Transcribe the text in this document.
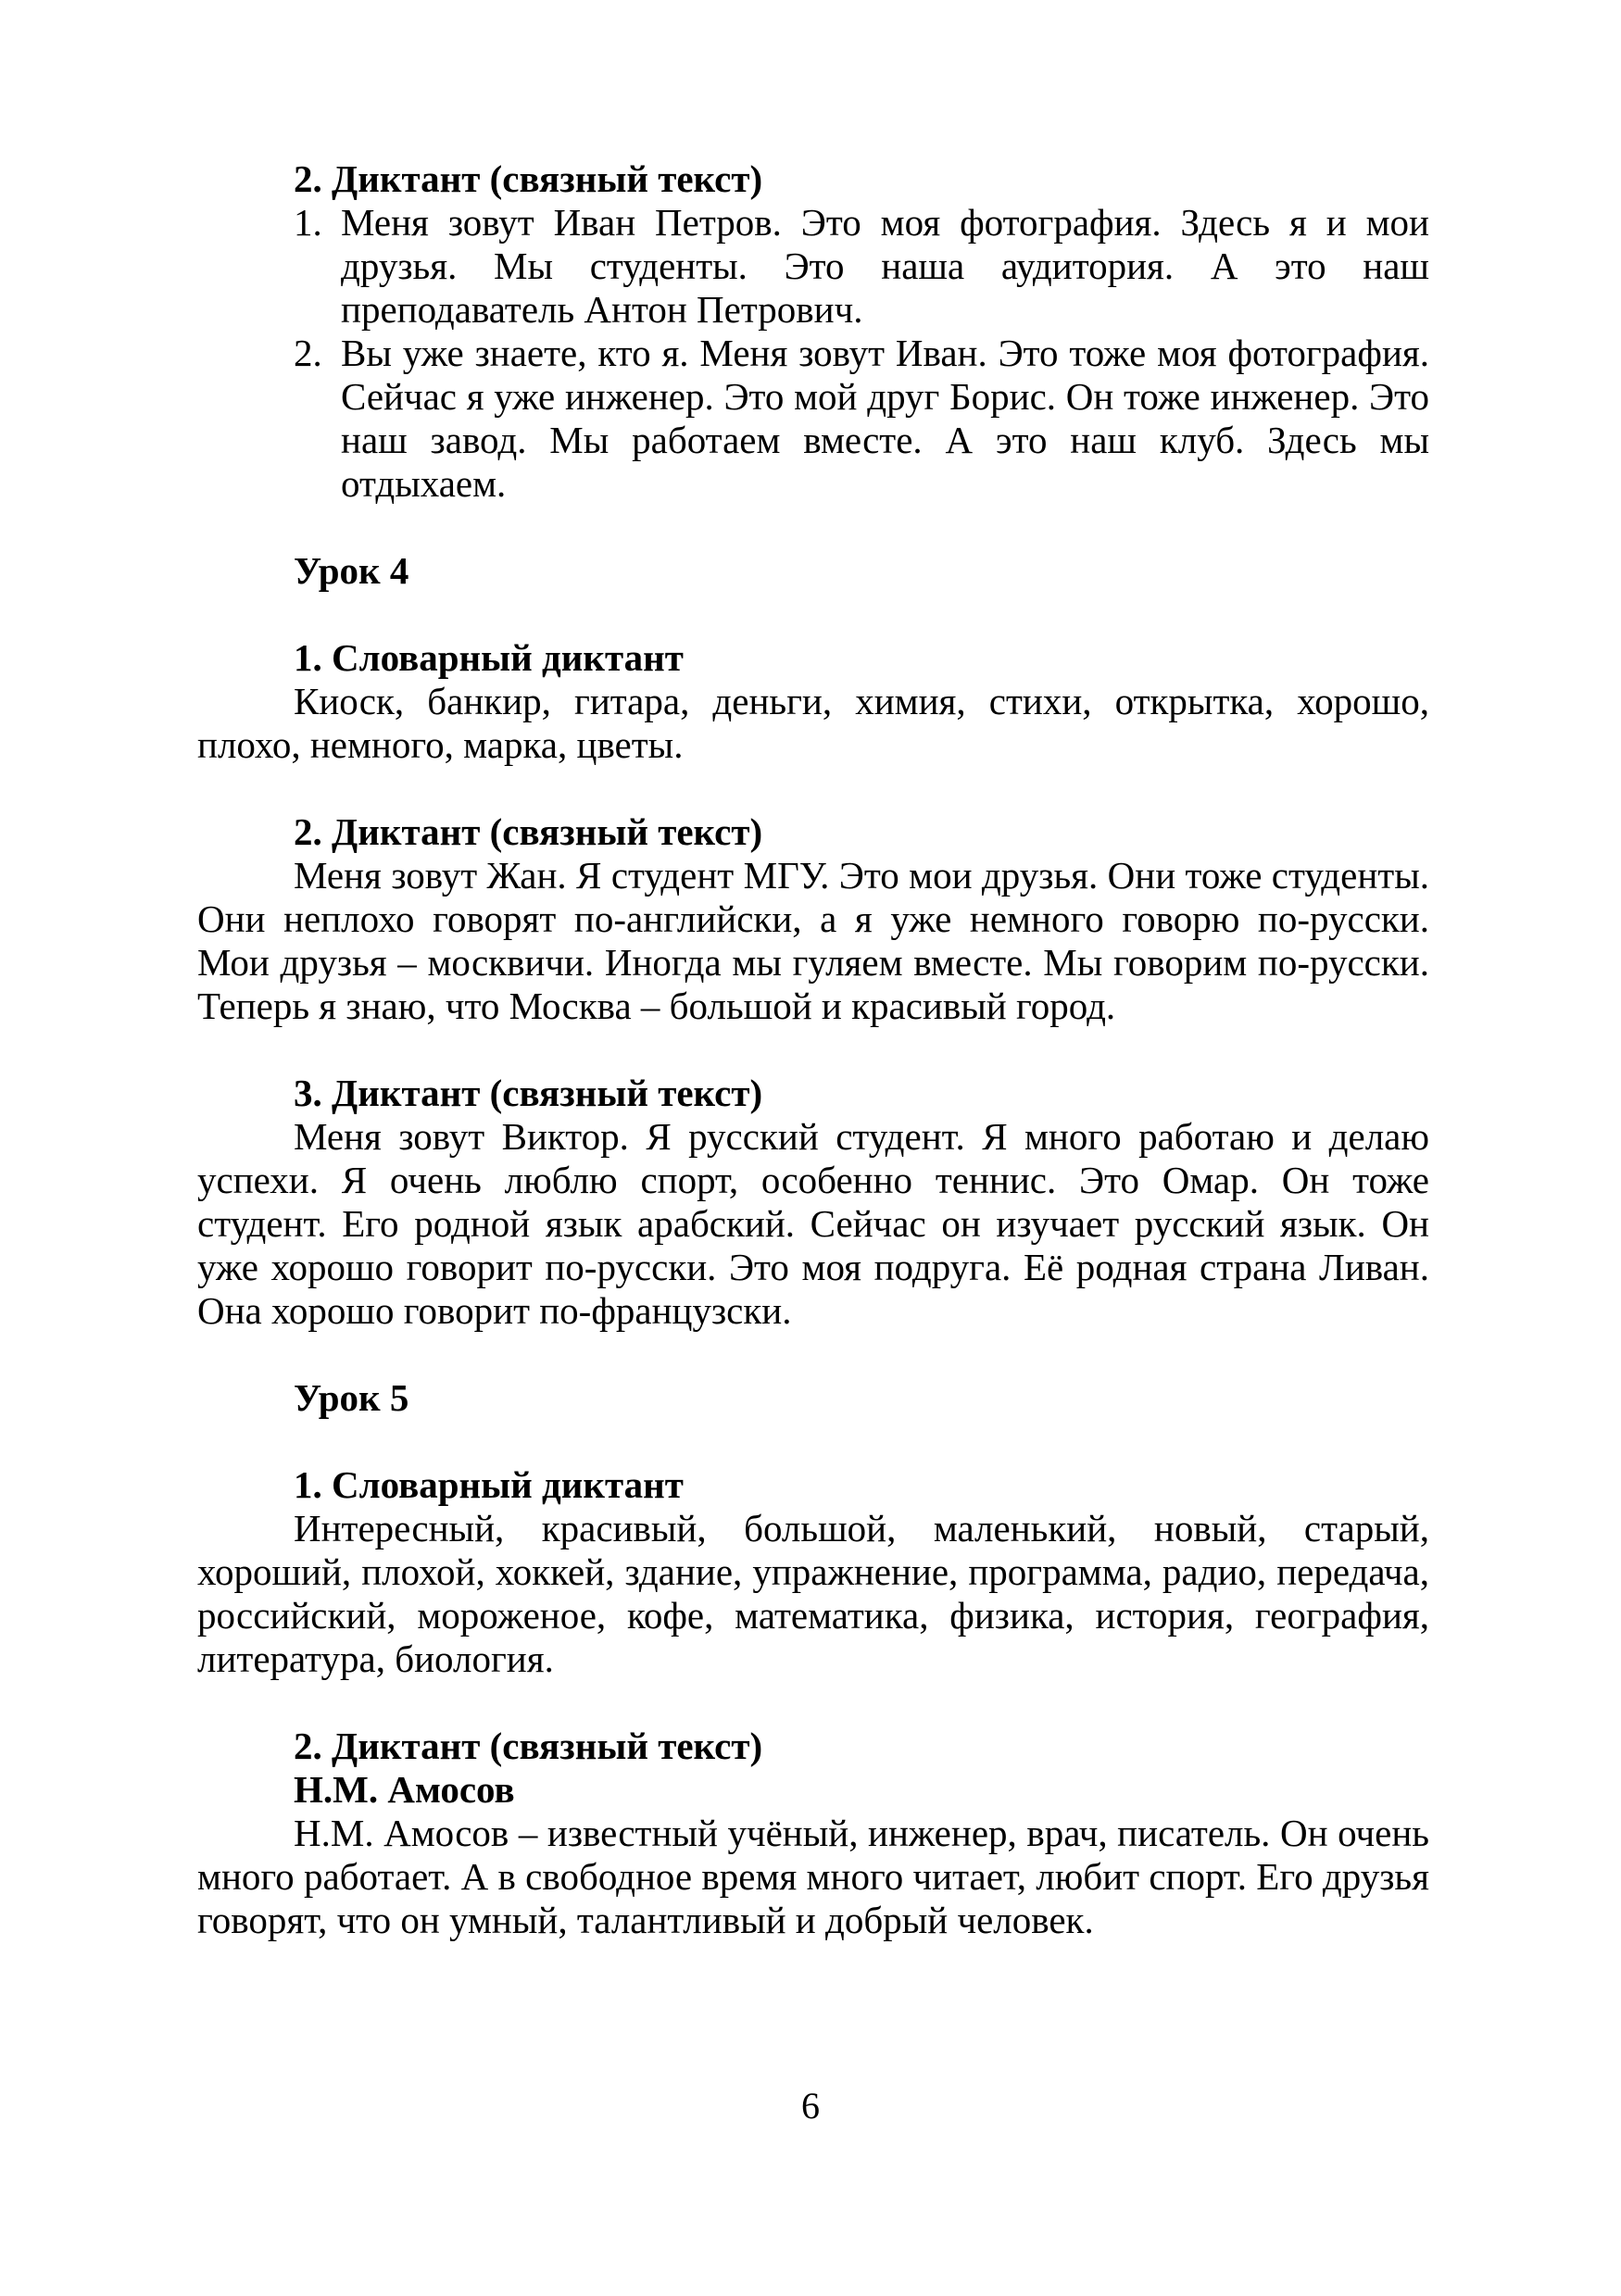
2. Диктант (связный текст)

1. Меня зовут Иван Петров. Это моя фотография. Здесь я и мои друзья. Мы студенты. Это наша аудитория. А это наш преподаватель Антон Петрович.
2. Вы уже знаете, кто я. Меня зовут Иван. Это тоже моя фотография. Сейчас я уже инженер. Это мой друг Борис. Он тоже инженер. Это наш завод. Мы работаем вместе. А это наш клуб. Здесь мы отдыхаем.

Урок 4

1. Словарный диктант

Киоск, банкир, гитара, деньги, химия, стихи, открытка, хорошо, плохо, немного, марка, цветы.

2. Диктант (связный текст)

Меня зовут Жан. Я студент МГУ. Это мои друзья. Они тоже студенты. Они неплохо говорят по-английски, а я уже немного говорю по-русски. Мои друзья – москвичи. Иногда мы гуляем вместе. Мы говорим по-русски. Теперь я знаю, что Москва – большой и красивый город.

3. Диктант (связный текст)

Меня зовут Виктор. Я русский студент. Я много работаю и делаю успехи. Я очень люблю спорт, особенно теннис. Это Омар. Он тоже студент. Его родной язык арабский. Сейчас он изучает русский язык. Он уже хорошо говорит по-русски. Это моя подруга. Её родная страна Ливан. Она хорошо говорит по-французски.

Урок 5

1. Словарный диктант

Интересный, красивый, большой, маленький, новый, старый, хороший, плохой, хоккей, здание, упражнение, программа, радио, передача, российский, мороженое, кофе, математика, физика, история, география, литература, биология.

2. Диктант (связный текст)

Н.М. Амосов

Н.М. Амосов – известный учёный, инженер, врач, писатель. Он очень много работает. А в свободное время много читает, любит спорт. Его друзья говорят, что он умный, талантливый и добрый человек.

6
